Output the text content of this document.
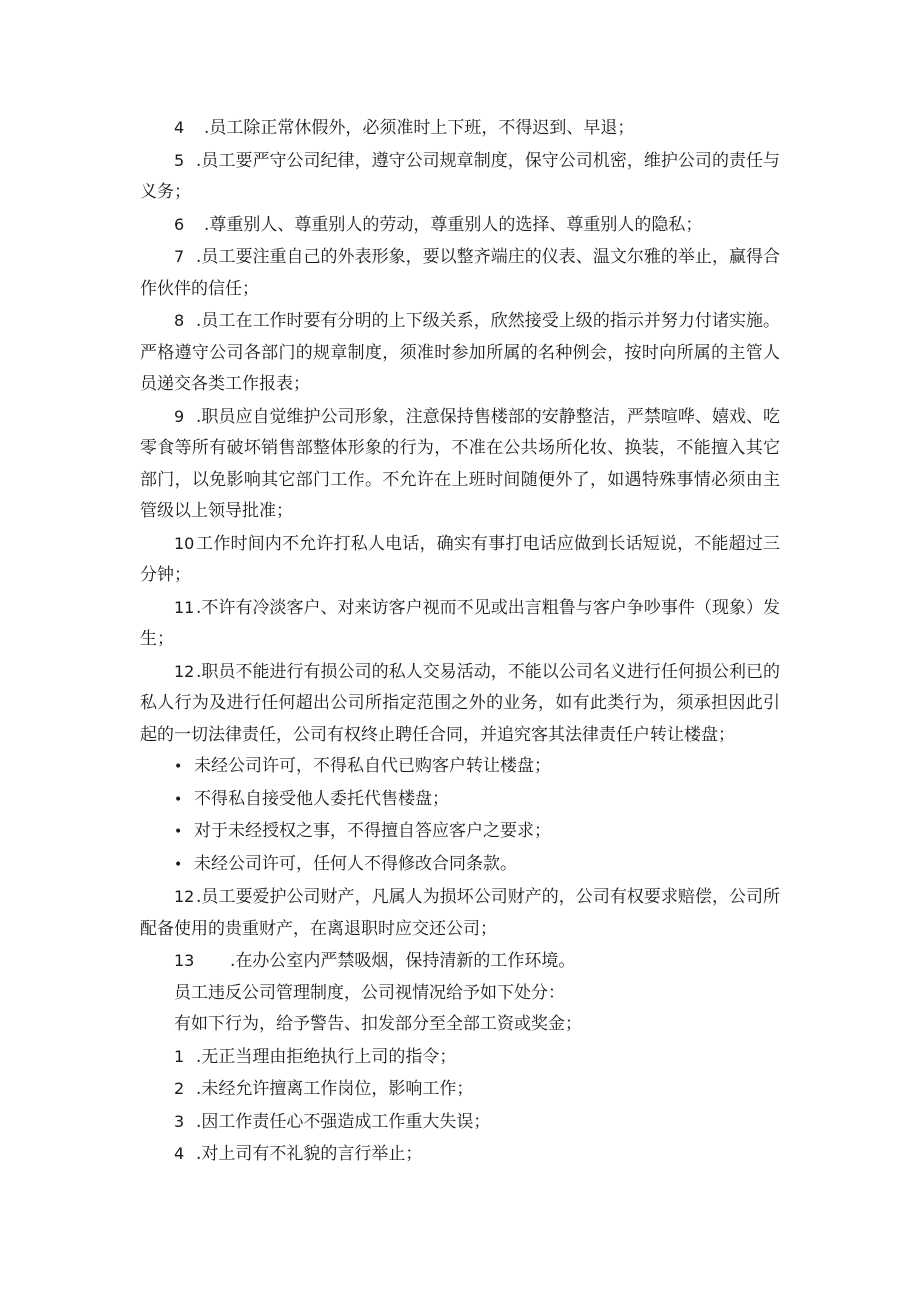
4 .员工除正常休假外，必须准时上下班，不得迟到、早退；

5 .员工要严守公司纪律，遵守公司规章制度，保守公司机密，维护公司的责任与义务；

6 .尊重别人、尊重别人的劳动，尊重别人的选择、尊重别人的隐私；

7 .员工要注重自己的外表形象，要以整齐端庄的仪表、温文尔雅的举止，赢得合作伙伴的信任；

8 .员工在工作时要有分明的上下级关系，欣然接受上级的指示并努力付诸实施。严格遵守公司各部门的规章制度，须准时参加所属的名种例会，按时向所属的主管人员递交各类工作报表；

9 .职员应自觉维护公司形象，注意保持售楼部的安静整洁，严禁喧哗、嬉戏、吃零食等所有破坏销售部整体形象的行为，不准在公共场所化妆、换装，不能擅入其它部门，以免影响其它部门工作。不允许在上班时间随便外了，如遇特殊事情必须由主管级以上领导批准；

10工作时间内不允许打私人电话，确实有事打电话应做到长话短说，不能超过三分钟；

11.不许有冷淡客户、对来访客户视而不见或出言粗鲁与客户争吵事件（现象）发生；

12.职员不能进行有损公司的私人交易活动，不能以公司名义进行任何损公利已的私人行为及进行任何超出公司所指定范围之外的业务，如有此类行为，须承担因此引起的一切法律责任，公司有权终止聘任合同，并追究客其法律责任户转让楼盘；

• 未经公司许可，不得私自代已购客户转让楼盘；
• 不得私自接受他人委托代售楼盘；
• 对于未经授权之事，不得擅自答应客户之要求；
• 未经公司许可，任何人不得修改合同条款。

12.员工要爱护公司财产，凡属人为损坏公司财产的，公司有权要求赔偿，公司所配备使用的贵重财产，在离退职时应交还公司；

13 .在办公室内严禁吸烟，保持清新的工作环境。

员工违反公司管理制度，公司视情况给予如下处分：

有如下行为，给予警告、扣发部分至全部工资或奖金；

1 .无正当理由拒绝执行上司的指令；

2 .未经允许擅离工作岗位，影响工作；

3 .因工作责任心不强造成工作重大失误；

4 .对上司有不礼貌的言行举止；
